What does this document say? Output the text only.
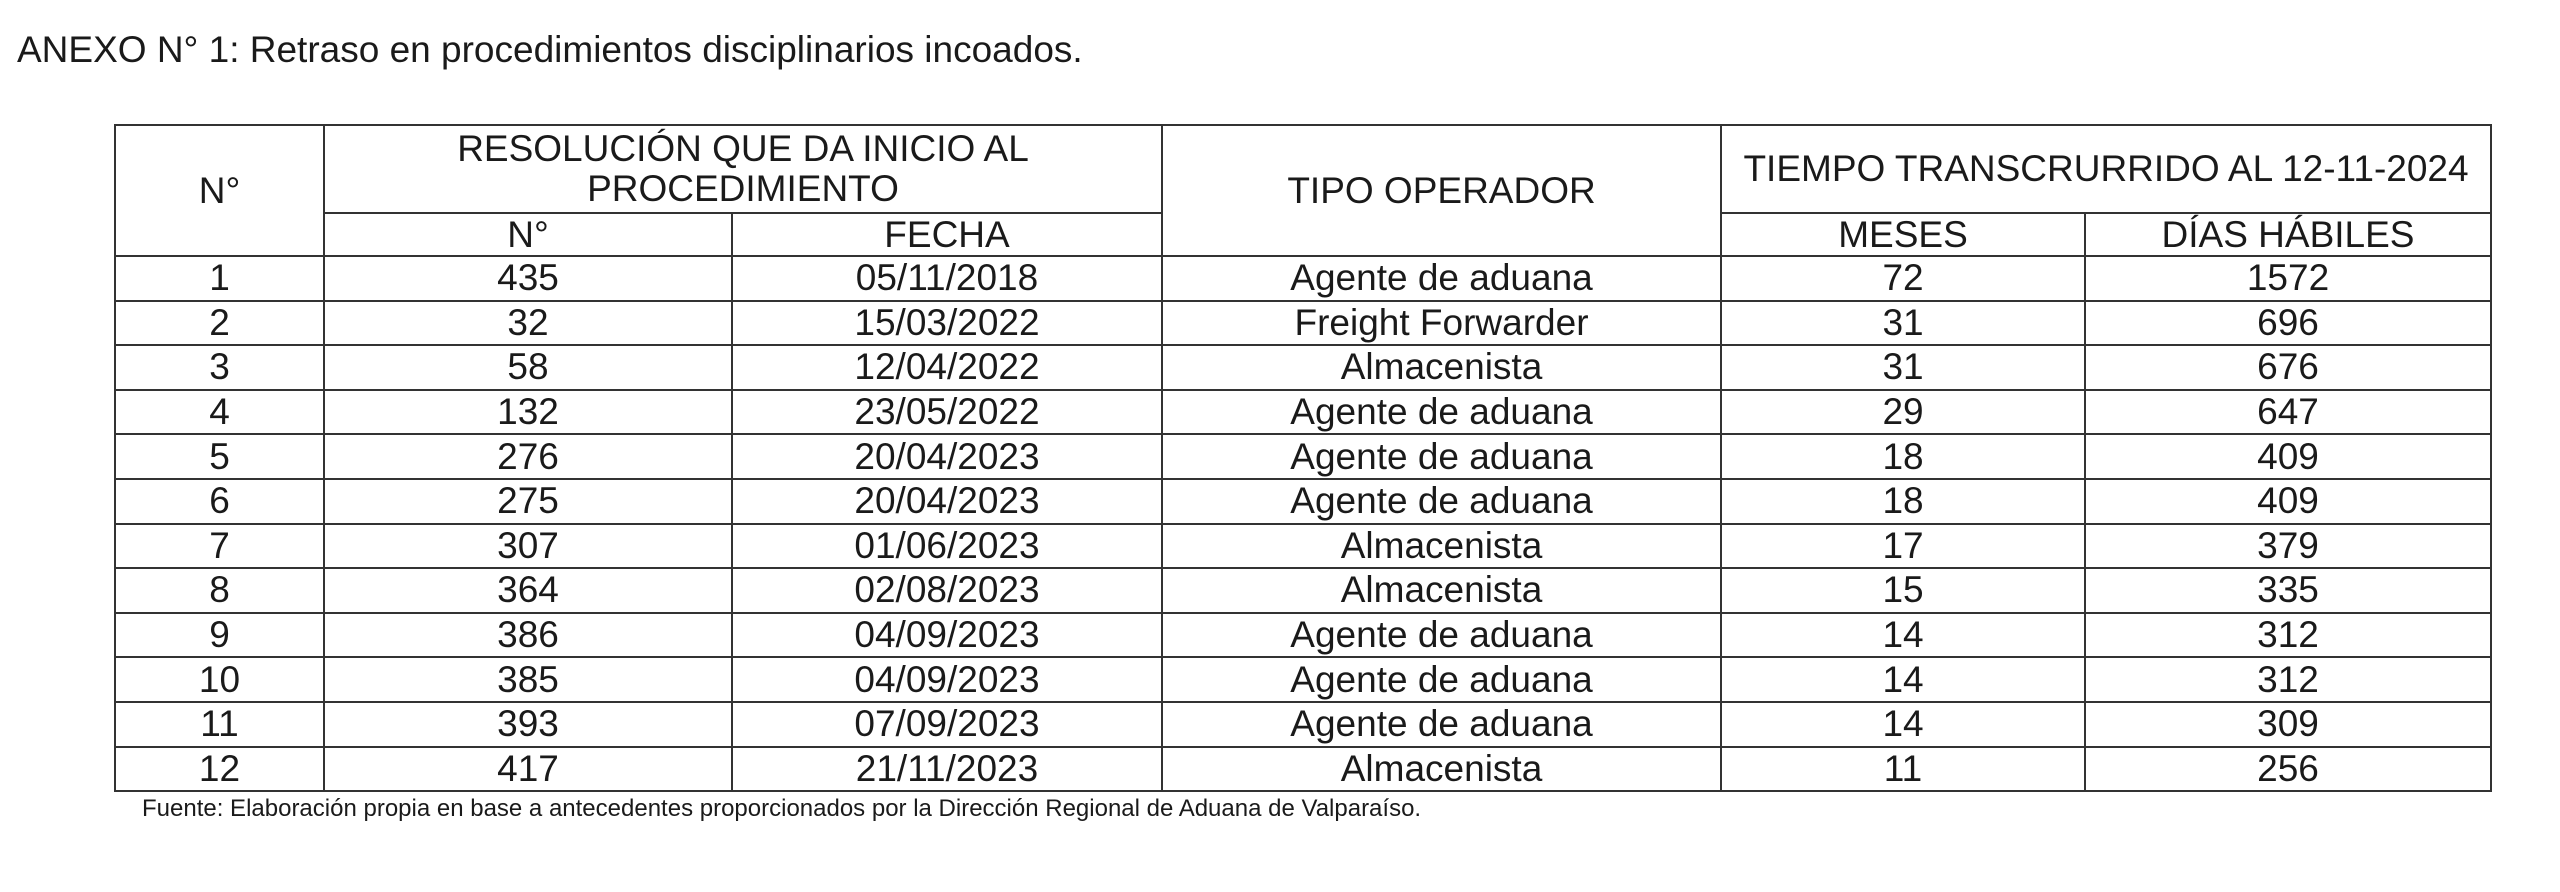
ANEXO N° 1: Retraso en procedimientos disciplinarios incoados.
N°	RESOLUCIÓN QUE DA INICIO AL PROCEDIMIENTO		TIPO OPERADOR	TIEMPO TRANSCRURRIDO AL 12-11-2024	
	N°	FECHA		MESES	DÍAS HÁBILES
1	435	05/11/2018	Agente de aduana	72	1572
2	32	15/03/2022	Freight Forwarder	31	696
3	58	12/04/2022	Almacenista	31	676
4	132	23/05/2022	Agente de aduana	29	647
5	276	20/04/2023	Agente de aduana	18	409
6	275	20/04/2023	Agente de aduana	18	409
7	307	01/06/2023	Almacenista	17	379
8	364	02/08/2023	Almacenista	15	335
9	386	04/09/2023	Agente de aduana	14	312
10	385	04/09/2023	Agente de aduana	14	312
11	393	07/09/2023	Agente de aduana	14	309
12	417	21/11/2023	Almacenista	11	256
Fuente: Elaboración propia en base a antecedentes proporcionados por la Dirección Regional de Aduana de Valparaíso.
